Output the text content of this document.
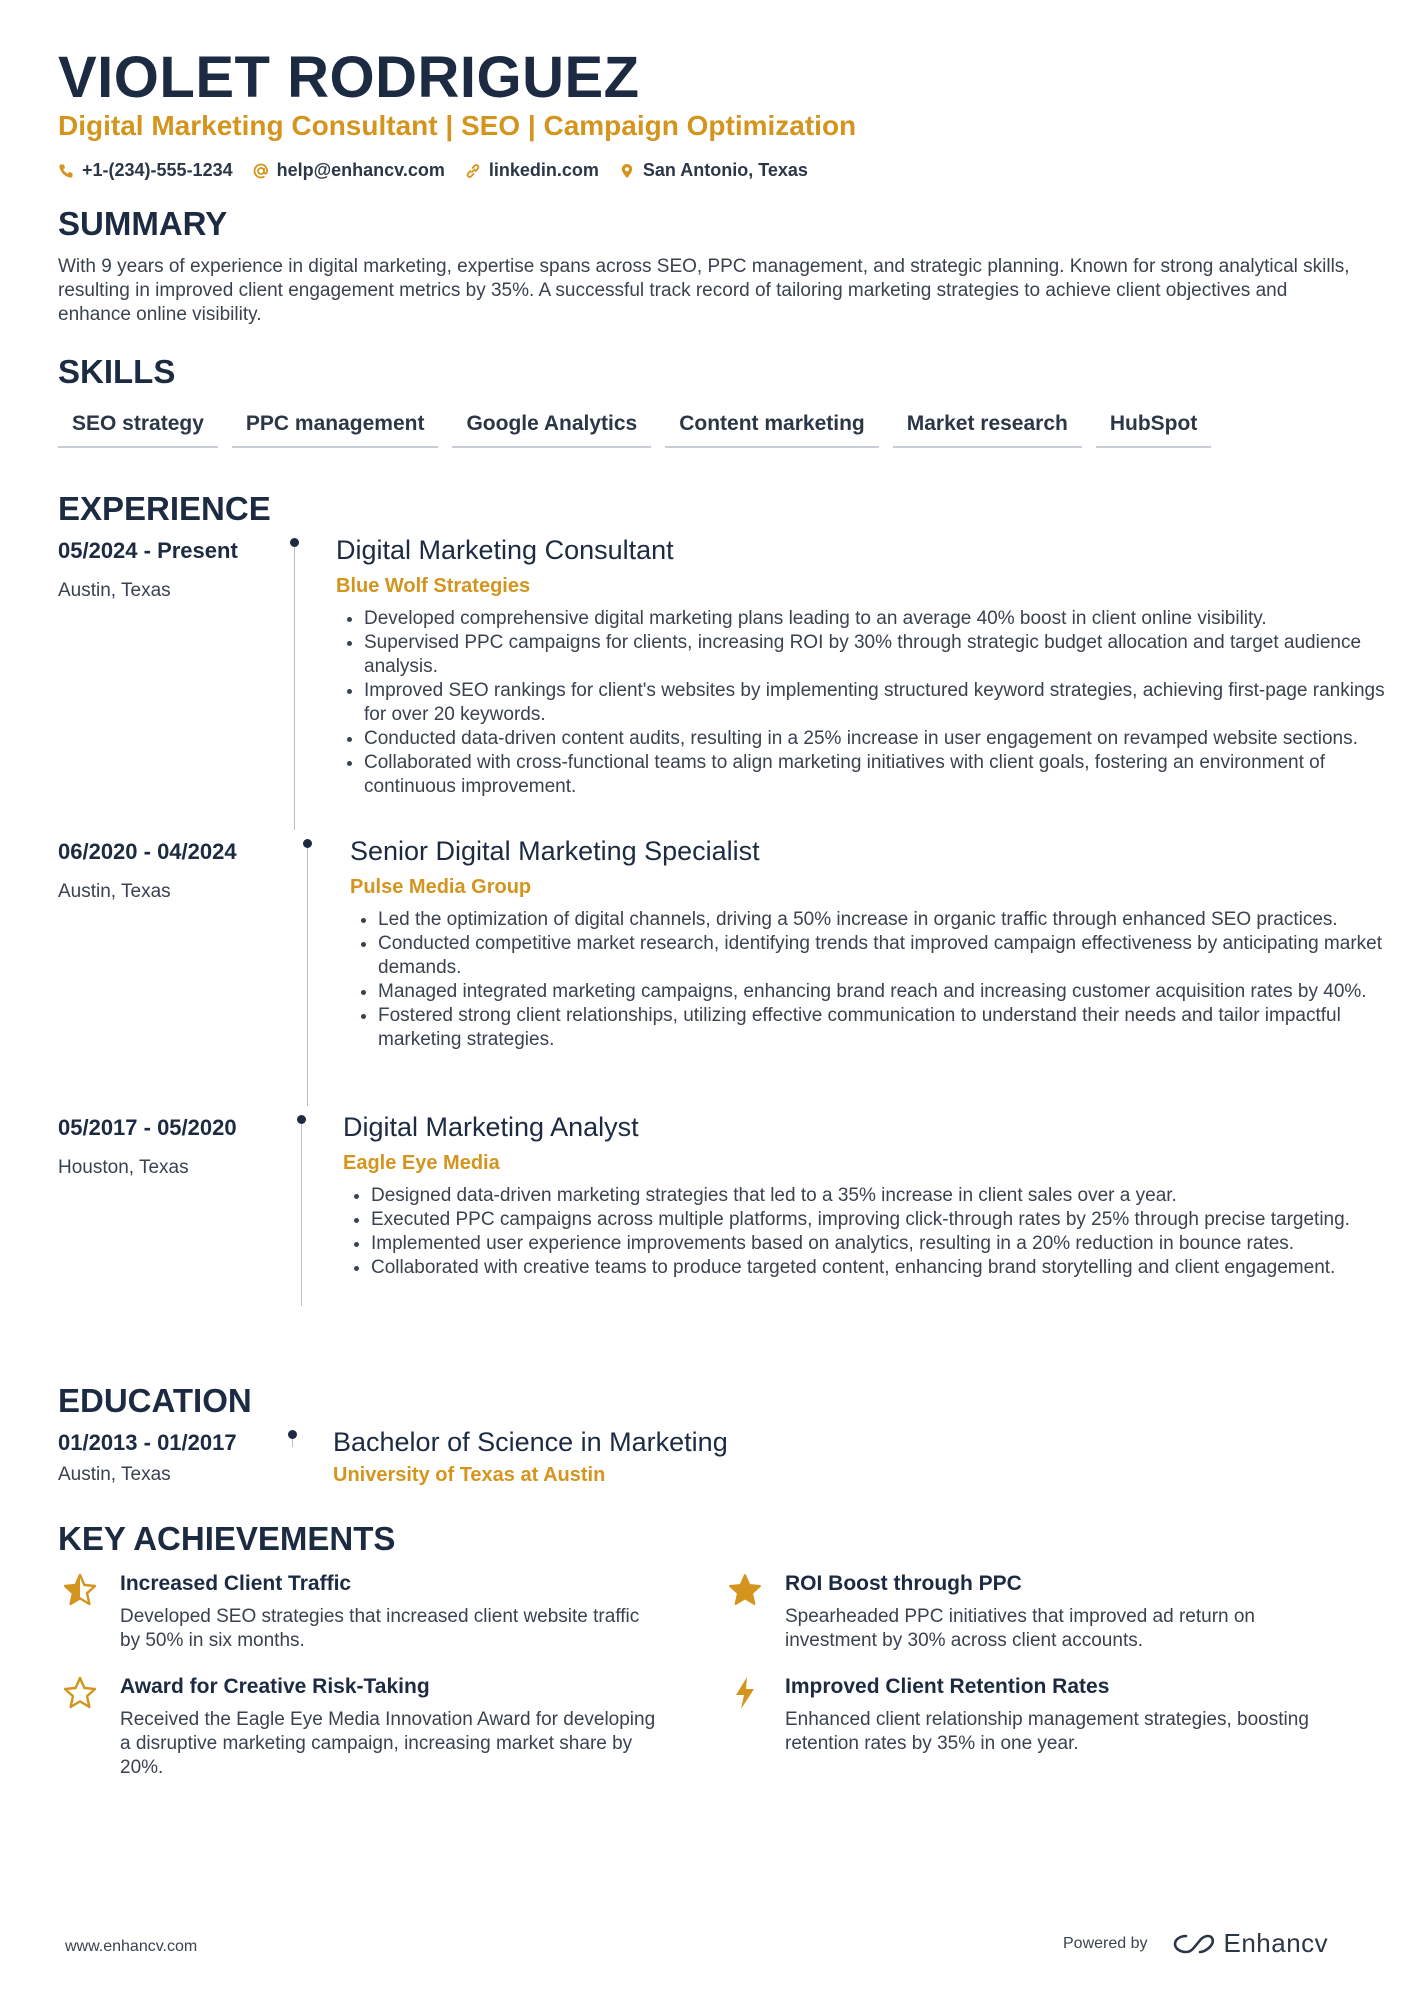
VIOLET RODRIGUEZ
Digital Marketing Consultant | SEO | Campaign Optimization
+1-(234)-555-1234 help@enhancv.com linkedin.com San Antonio, Texas
SUMMARY
With 9 years of experience in digital marketing, expertise spans across SEO, PPC management, and strategic planning. Known for strong analytical skills, resulting in improved client engagement metrics by 35%. A successful track record of tailoring marketing strategies to achieve client objectives and enhance online visibility.
SKILLS
SEO strategy	PPC management	Google Analytics	Content marketing	Market research	HubSpot
EXPERIENCE
05/2024 - Present
Austin, Texas
Digital Marketing Consultant
Blue Wolf Strategies
• Developed comprehensive digital marketing plans leading to an average 40% boost in client online visibility.
• Supervised PPC campaigns for clients, increasing ROI by 30% through strategic budget allocation and target audience analysis.
• Improved SEO rankings for client's websites by implementing structured keyword strategies, achieving first-page rankings for over 20 keywords.
• Conducted data-driven content audits, resulting in a 25% increase in user engagement on revamped website sections.
• Collaborated with cross-functional teams to align marketing initiatives with client goals, fostering an environment of continuous improvement.
06/2020 - 04/2024
Austin, Texas
Senior Digital Marketing Specialist
Pulse Media Group
• Led the optimization of digital channels, driving a 50% increase in organic traffic through enhanced SEO practices.
• Conducted competitive market research, identifying trends that improved campaign effectiveness by anticipating market demands.
• Managed integrated marketing campaigns, enhancing brand reach and increasing customer acquisition rates by 40%.
• Fostered strong client relationships, utilizing effective communication to understand their needs and tailor impactful marketing strategies.
05/2017 - 05/2020
Houston, Texas
Digital Marketing Analyst
Eagle Eye Media
• Designed data-driven marketing strategies that led to a 35% increase in client sales over a year.
• Executed PPC campaigns across multiple platforms, improving click-through rates by 25% through precise targeting.
• Implemented user experience improvements based on analytics, resulting in a 20% reduction in bounce rates.
• Collaborated with creative teams to produce targeted content, enhancing brand storytelling and client engagement.
EDUCATION
01/2013 - 01/2017
Austin, Texas
Bachelor of Science in Marketing
University of Texas at Austin
KEY ACHIEVEMENTS
Increased Client Traffic
Developed SEO strategies that increased client website traffic by 50% in six months.
ROI Boost through PPC
Spearheaded PPC initiatives that improved ad return on investment by 30% across client accounts.
Award for Creative Risk-Taking
Received the Eagle Eye Media Innovation Award for developing a disruptive marketing campaign, increasing market share by 20%.
Improved Client Retention Rates
Enhanced client relationship management strategies, boosting retention rates by 35% in one year.
www.enhancv.com	Powered by	Enhancv
